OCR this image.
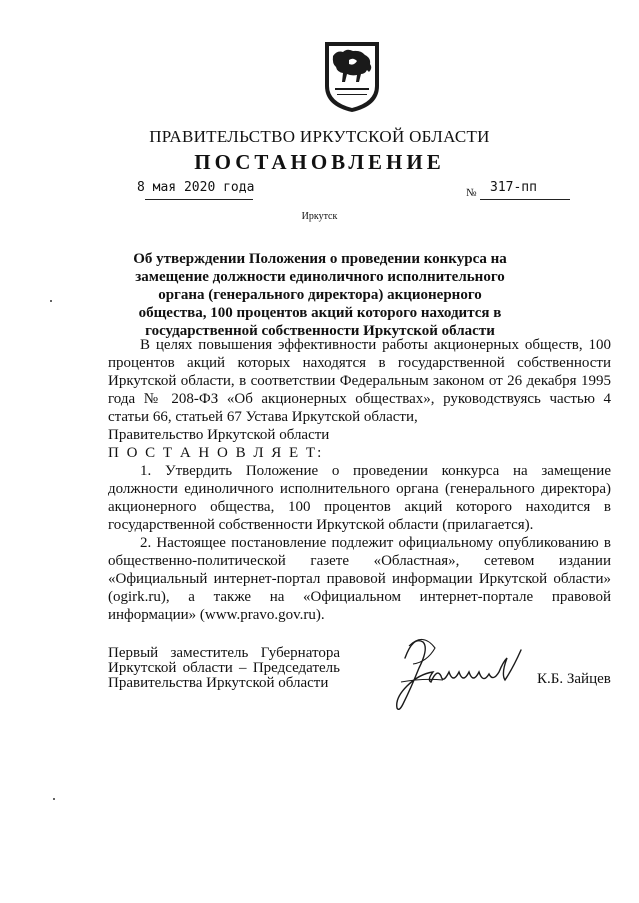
ПРАВИТЕЛЬСТВО ИРКУТСКОЙ ОБЛАСТИ
ПОСТАНОВЛЕНИЕ
8 мая 2020 года	№ 317-пп
Иркутск
Об утверждении Положения о проведении конкурса на замещение должности единоличного исполнительного органа (генерального директора) акционерного общества, 100 процентов акций которого находится в государственной собственности Иркутской области

В целях повышения эффективности работы акционерных обществ, 100 процентов акций которых находятся в государственной собственности Иркутской области, в соответствии Федеральным законом от 26 декабря 1995 года № 208-ФЗ «Об акционерных обществах», руководствуясь частью 4 статьи 66, статьей 67 Устава Иркутской области,

Правительство Иркутской области

П О С Т А Н О В Л Я Е Т:

1. Утвердить Положение о проведении конкурса на замещение должности единоличного исполнительного органа (генерального директора) акционерного общества, 100 процентов акций которого находится в государственной собственности Иркутской области (прилагается).

2. Настоящее постановление подлежит официальному опубликованию в общественно-политической газете «Областная», сетевом издании «Официальный интернет-портал правовой информации Иркутской области» (ogirk.ru), а также на «Официальном интернет-портале правовой информации» (www.pravo.gov.ru).

Первый заместитель Губернатора
Иркутской области – Председатель
Правительства Иркутской области	К.Б. Зайцев
